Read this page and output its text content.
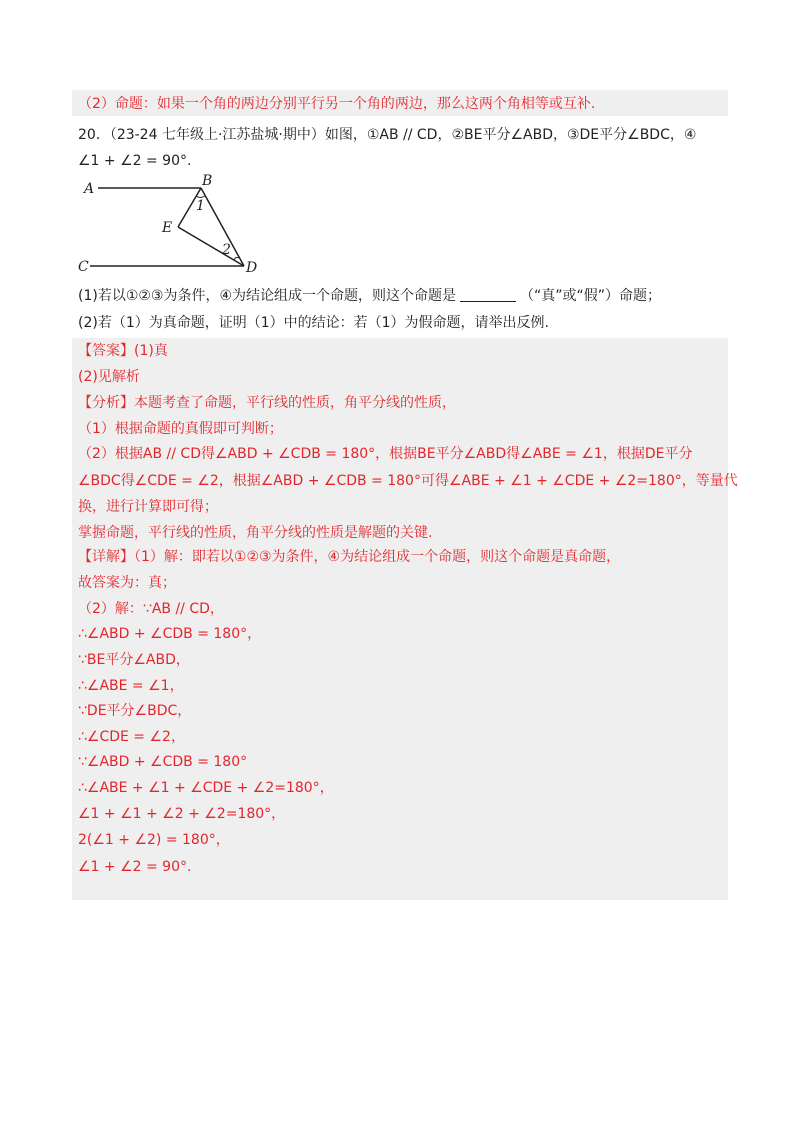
（2）命题：如果一个角的两边分别平行另一个角的两边，那么这两个角相等或互补.
20．（23-24 七年级上·江苏盐城·期中）如图，①AB // CD，②BE平分∠ABD，③DE平分∠BDC，④
∠1 + ∠2 = 90°.
A	B
C	D
E
1
2
(1)若以①②③为条件，④为结论组成一个命题，则这个命题是	（“真”或“假”）命题；
(2)若（1）为真命题，证明（1）中的结论：若（1）为假命题，请举出反例.
【答案】(1)真
(2)见解析
【分析】本题考查了命题，平行线的性质，角平分线的性质，
（1）根据命题的真假即可判断；
（2）根据AB // CD得∠ABD + ∠CDB = 180°，根据BE平分∠ABD得∠ABE = ∠1，根据DE平分
∠BDC得∠CDE = ∠2，根据∠ABD + ∠CDB = 180°可得∠ABE + ∠1 + ∠CDE + ∠2=180°，等量代
换，进行计算即可得；
掌握命题，平行线的性质，角平分线的性质是解题的关键.
【详解】（1）解：即若以①②③为条件，④为结论组成一个命题，则这个命题是真命题，
故答案为：真；
（2）解：∵AB // CD，
∴∠ABD + ∠CDB = 180°，
∵BE平分∠ABD，
∴∠ABE = ∠1，
∵DE平分∠BDC，
∴∠CDE = ∠2，
∵∠ABD + ∠CDB = 180°
∴∠ABE + ∠1 + ∠CDE + ∠2=180°，
∠1 + ∠1 + ∠2 + ∠2=180°，
2(∠1 + ∠2) = 180°，
∠1 + ∠2 = 90°.
